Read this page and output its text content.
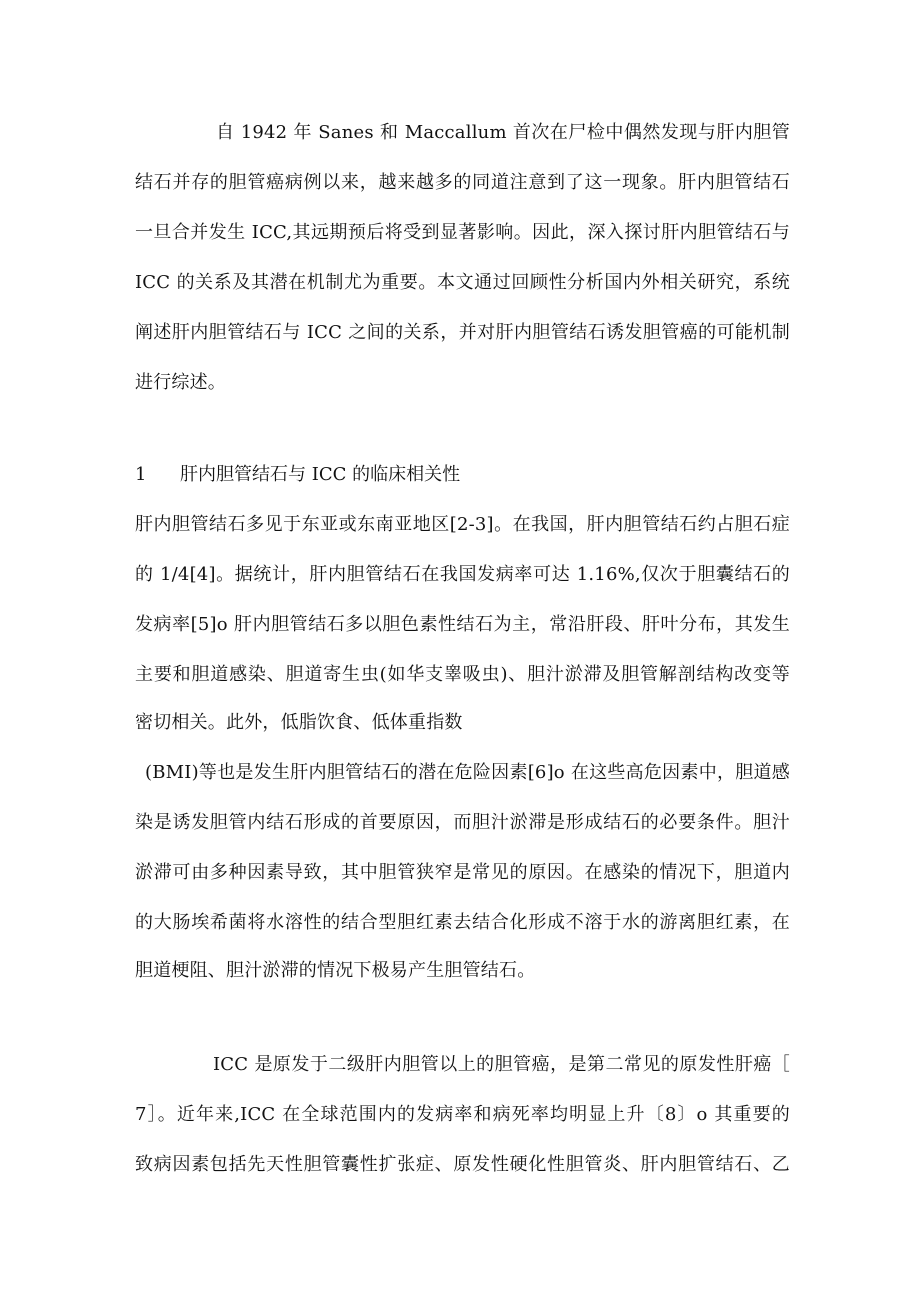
自 1942 年 Sanes 和 Maccallum 首次在尸检中偶然发现与肝内胆管
结石并存的胆管癌病例以来，越来越多的同道注意到了这一现象。肝内胆管结石
一旦合并发生 ICC,其远期预后将受到显著影响。因此，深入探讨肝内胆管结石与
ICC 的关系及其潜在机制尤为重要。本文通过回顾性分析国内外相关研究，系统
阐述肝内胆管结石与 ICC 之间的关系，并对肝内胆管结石诱发胆管癌的可能机制
进行综述。
1 肝内胆管结石与 ICC 的临床相关性
肝内胆管结石多见于东亚或东南亚地区[2-3]。在我国，肝内胆管结石约占胆石症
的 1/4[4]。据统计，肝内胆管结石在我国发病率可达 1.16%,仅次于胆囊结石的
发病率[5]o 肝内胆管结石多以胆色素性结石为主，常沿肝段、肝叶分布，其发生
主要和胆道感染、胆道寄生虫(如华支睾吸虫)、胆汁淤滞及胆管解剖结构改变等
密切相关。此外，低脂饮食、低体重指数
(BMI)等也是发生肝内胆管结石的潜在危险因素[6]o 在这些高危因素中，胆道感
染是诱发胆管内结石形成的首要原因，而胆汁淤滞是形成结石的必要条件。胆汁
淤滞可由多种因素导致，其中胆管狭窄是常见的原因。在感染的情况下，胆道内
的大肠埃希菌将水溶性的结合型胆红素去结合化形成不溶于水的游离胆红素，在
胆道梗阻、胆汁淤滞的情况下极易产生胆管结石。
ICC 是原发于二级肝内胆管以上的胆管癌，是第二常见的原发性肝癌［
7］。近年来,ICC 在全球范围内的发病率和病死率均明显上升〔8〕o 其重要的
致病因素包括先天性胆管囊性扩张症、原发性硬化性胆管炎、肝内胆管结石、乙
